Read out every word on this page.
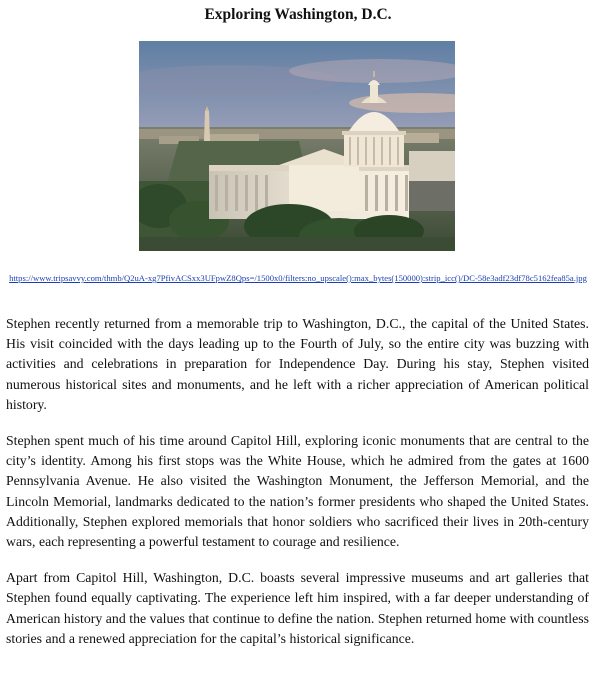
Exploring Washington, D.C.
https://www.tripsavvy.com/thmb/Q2uA-xg7PfivACSxx3UFpwZ8Qps=/1500x0/filters:no_upscale():max_bytes(150000):strip_icc()/DC-58e3adf23df78c5162fea85a.jpg

Stephen recently returned from a memorable trip to Washington, D.C., the capital of the United States. His visit coincided with the days leading up to the Fourth of July, so the entire city was buzzing with activities and celebrations in preparation for Independence Day. During his stay, Stephen visited numerous historical sites and monuments, and he left with a richer appreciation of American political history.

Stephen spent much of his time around Capitol Hill, exploring iconic monuments that are central to the city’s identity. Among his first stops was the White House, which he admired from the gates at 1600 Pennsylvania Avenue. He also visited the Washington Monument, the Jefferson Memorial, and the Lincoln Memorial, landmarks dedicated to the nation’s former presidents who shaped the United States. Additionally, Stephen explored memorials that honor soldiers who sacrificed their lives in 20th-century wars, each representing a powerful testament to courage and resilience.

Apart from Capitol Hill, Washington, D.C. boasts several impressive museums and art galleries that Stephen found equally captivating. The experience left him inspired, with a far deeper understanding of American history and the values that continue to define the nation. Stephen returned home with countless stories and a renewed appreciation for the capital’s historical significance.
